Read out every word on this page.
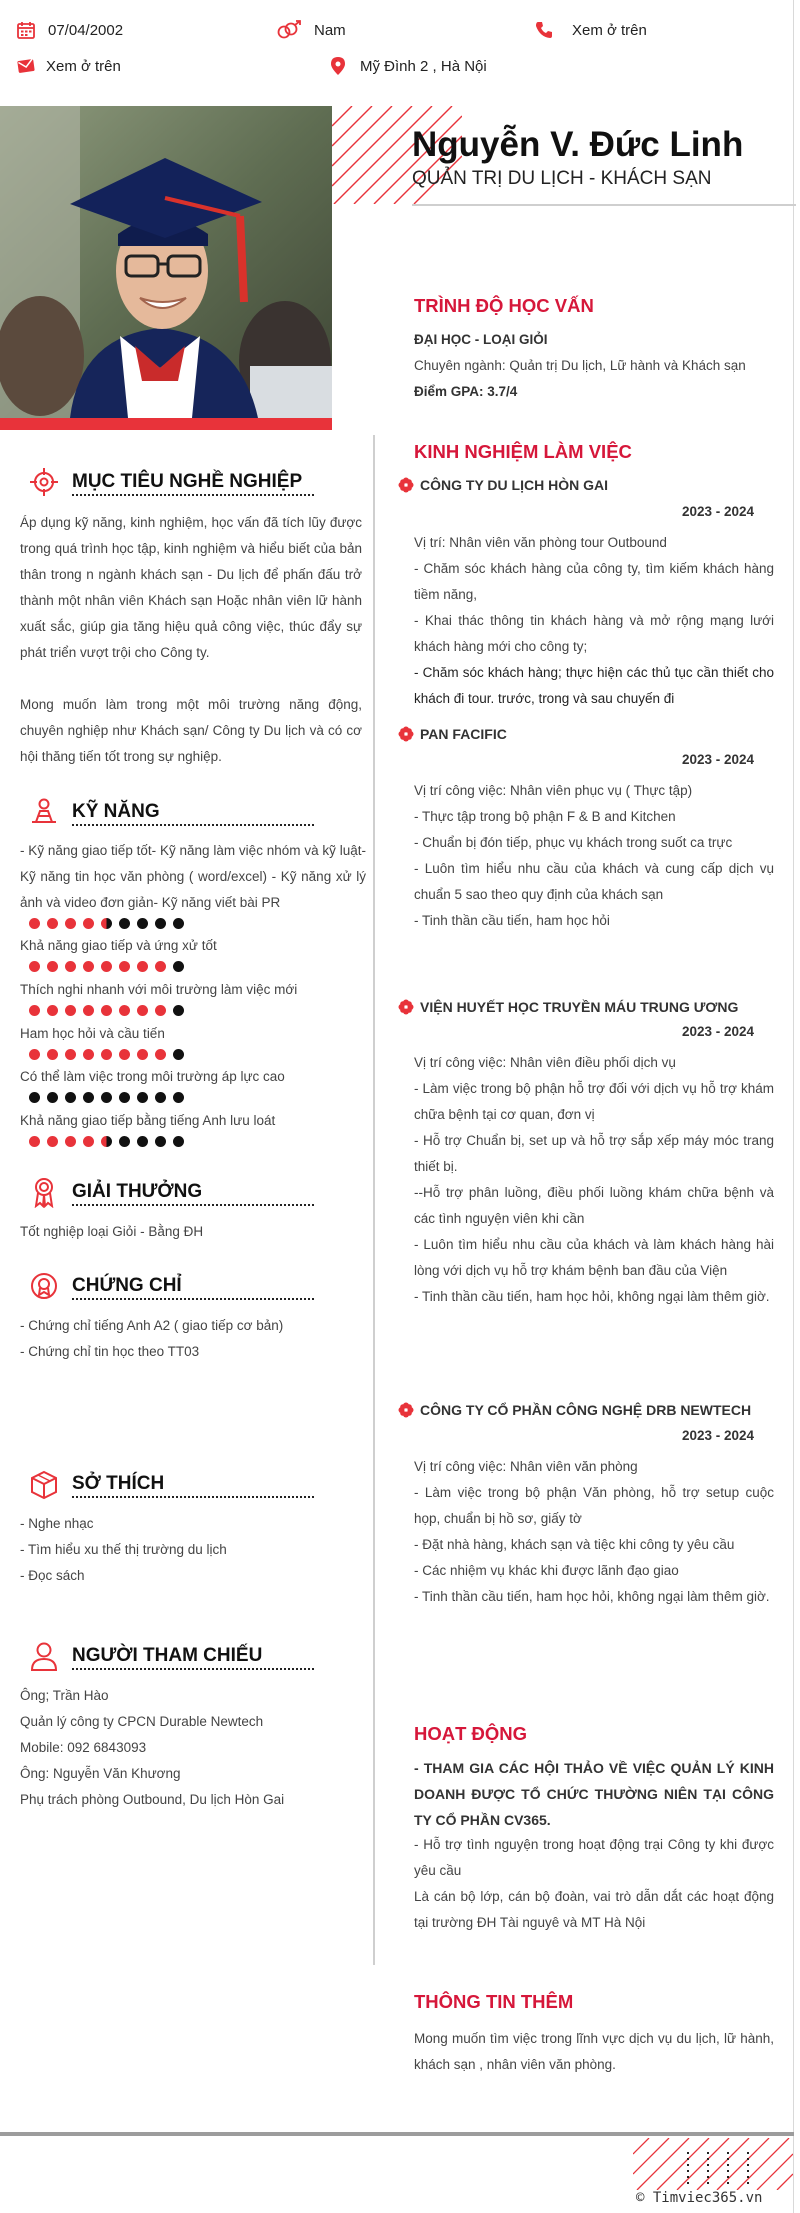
07/04/2002	Nam	Xem ở trên
Xem ở trên	Mỹ Đình 2 , Hà Nội
Nguyễn V. Đức Linh
QUẢN TRỊ DU LỊCH - KHÁCH SẠN
MỤC TIÊU NGHỀ NGHIỆP
Áp dụng kỹ năng, kinh nghiệm, học vấn đã tích lũy được trong quá trình học tập, kinh nghiệm và hiểu biết của bản thân trong n ngành khách sạn - Du lịch để phấn đấu trở thành một nhân viên Khách sạn Hoặc nhân viên lữ hành xuất sắc, giúp gia tăng hiệu quả công việc, thúc đẩy sự phát triển vượt trội cho Công ty.
Mong muốn làm trong một môi trường năng động, chuyên nghiệp như Khách sạn/ Công ty Du lịch và có cơ hội thăng tiến tốt trong sự nghiệp.
KỸ NĂNG
- Kỹ năng giao tiếp tốt- Kỹ năng làm việc nhóm và kỹ luật- Kỹ năng tin học văn phòng ( word/excel) - Kỹ năng xử lý ảnh và video đơn giản- Kỹ năng viết bài PR
Khả năng giao tiếp và ứng xử tốt
Thích nghi nhanh với môi trường làm việc mới
Ham học hỏi và cầu tiến
Có thể làm việc trong môi trường áp lực cao
Khả năng giao tiếp bằng tiếng Anh lưu loát
GIẢI THƯỞNG
Tốt nghiệp loại Giỏi - Bằng ĐH
CHỨNG CHỈ
- Chứng chỉ tiếng Anh A2 ( giao tiếp cơ bản)
- Chứng chỉ tin học theo TT03
SỞ THÍCH
- Nghe nhạc
- Tìm hiểu xu thế thị trường du lịch
- Đọc sách
NGƯỜI THAM CHIẾU
Ông; Trần Hào
Quản lý công ty CPCN Durable Newtech
Mobile: 092 6843093
Ông: Nguyễn Văn Khương
Phụ trách phòng Outbound, Du lịch Hòn Gai
TRÌNH ĐỘ HỌC VẤN
ĐẠI HỌC - LOẠI GIỎI
Chuyên ngành: Quản trị Du lịch, Lữ hành và Khách sạn
Điểm GPA: 3.7/4
KINH NGHIỆM LÀM VIỆC
CÔNG TY DU LỊCH HÒN GAI
2023 - 2024
Vị trí: Nhân viên văn phòng tour Outbound
- Chăm sóc khách hàng của công ty, tìm kiếm khách hàng tiềm năng,
- Khai thác thông tin khách hàng và mở rộng mạng lưới khách hàng mới cho công ty;
- Chăm sóc khách hàng; thực hiện các thủ tục cần thiết cho khách đi tour. trước, trong và sau chuyến đi
PAN FACIFIC
2023 - 2024
Vị trí công việc: Nhân viên phục vụ ( Thực tập)
- Thực tập trong bộ phận F & B and Kitchen
- Chuẩn bị đón tiếp, phục vụ khách trong suốt ca trực
- Luôn tìm hiểu nhu cầu của khách và cung cấp dịch vụ chuẩn 5 sao theo quy định của khách sạn
- Tinh thần cầu tiến, ham học hỏi
VIỆN HUYẾT HỌC TRUYỀN MÁU TRUNG ƯƠNG
2023 - 2024
Vị trí công việc: Nhân viên điều phối dịch vụ
- Làm việc trong bộ phận hỗ trợ đối với dịch vụ hỗ trợ khám chữa bệnh tại cơ quan, đơn vị
- Hỗ trợ Chuẩn bị, set up và hỗ trợ sắp xếp máy móc trang thiết bị.
--Hỗ trợ phân luồng, điều phối luồng khám chữa bệnh và các tình nguyện viên khi cần
- Luôn tìm hiểu nhu cầu của khách và làm khách hàng hài lòng với dịch vụ hỗ trợ khám bệnh ban đầu của Viện
- Tinh thần cầu tiến, ham học hỏi, không ngại làm thêm giờ.
CÔNG TY CỔ PHẦN CÔNG NGHỆ DRB NEWTECH
2023 - 2024
Vị trí công việc: Nhân viên văn phòng
- Làm việc trong bộ phận Văn phòng, hỗ trợ setup cuộc họp, chuẩn bị hồ sơ, giấy tờ
- Đặt nhà hàng, khách sạn và tiệc khi công ty yêu cầu
- Các nhiệm vụ khác khi được lãnh đạo giao
- Tinh thần cầu tiến, ham học hỏi, không ngại làm thêm giờ.
HOẠT ĐỘNG
- THAM GIA CÁC HỘI THẢO VỀ VIỆC QUẢN LÝ KINH DOANH ĐƯỢC TỔ CHỨC THƯỜNG NIÊN TẠI CÔNG TY CỔ PHẦN CV365.
- Hỗ trợ tình nguyện trong hoạt động trại Công ty khi được yêu cầu
Là cán bộ lớp, cán bộ đoàn, vai trò dẫn dắt các hoạt động tại trường ĐH Tài nguyê và MT Hà Nội
THÔNG TIN THÊM
Mong muốn tìm việc trong lĩnh vực dịch vụ du lịch, lữ hành, khách sạn , nhân viên văn phòng.
© Timviec365.vn
